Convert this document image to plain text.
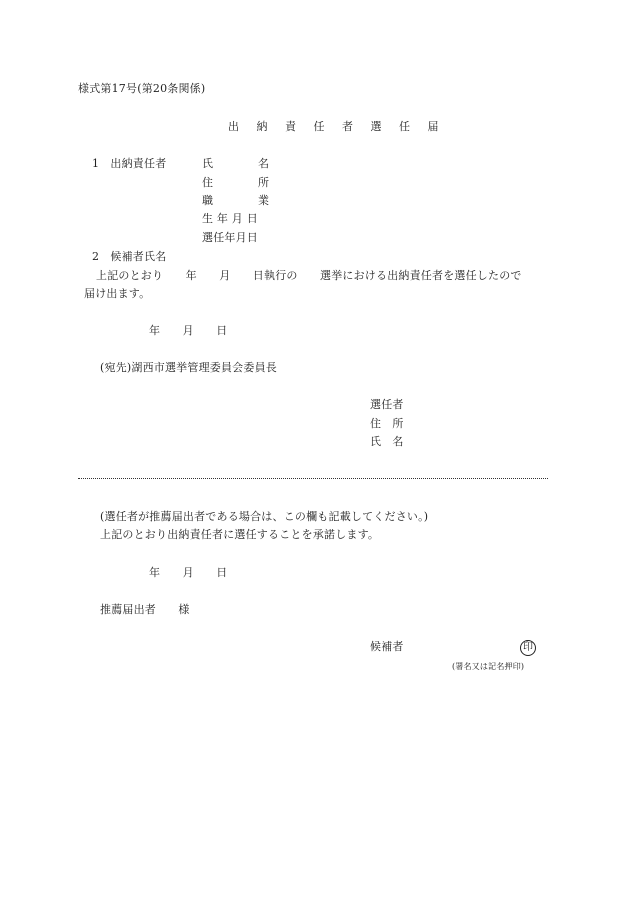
様式第17号(第20条関係)
出 納 責 任 者 選 任 届
1　出納責任者	氏　　　名
住　　　所
職　　　業
生 年 月 日
選任年月日
2　候補者氏名
上記のとおり　　年　　月　　日執行の　　選挙における出納責任者を選任したので
届け出ます。
年　　月　　日
(宛先)湖西市選挙管理委員会委員長
選任者
住　所
氏　名
(選任者が推薦届出者である場合は、この欄も記載してください。)
上記のとおり出納責任者に選任することを承諾します。
年　　月　　日
推薦届出者　　様
候補者	印
(署名又は記名押印)
